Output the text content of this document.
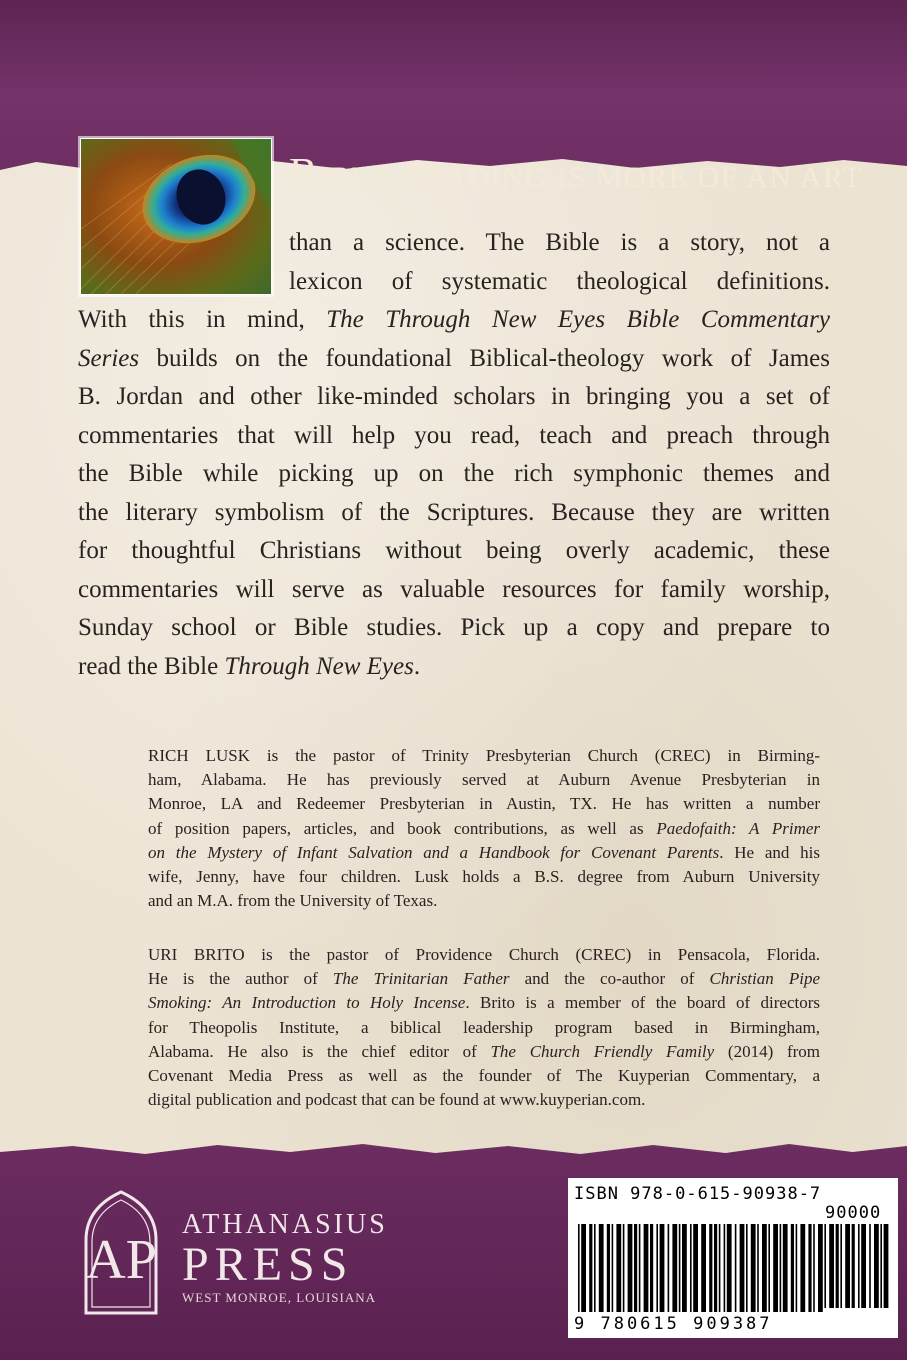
BIBLE-READING IS MORE OF AN ART
than a science. The Bible is a story, not a
lexicon of systematic theological definitions.
With this in mind, The Through New Eyes Bible Commentary
Series builds on the foundational Biblical-theology work of James
B. Jordan and other like-minded scholars in bringing you a set of
commentaries that will help you read, teach and preach through
the Bible while picking up on the rich symphonic themes and
the literary symbolism of the Scriptures. Because they are written
for thoughtful Christians without being overly academic, these
commentaries will serve as valuable resources for family worship,
Sunday school or Bible studies. Pick up a copy and prepare to
read the Bible Through New Eyes.
RICH LUSK is the pastor of Trinity Presbyterian Church (CREC) in Birming-
ham, Alabama. He has previously served at Auburn Avenue Presbyterian in
Monroe, LA and Redeemer Presbyterian in Austin, TX. He has written a number
of position papers, articles, and book contributions, as well as Paedofaith: A Primer
on the Mystery of Infant Salvation and a Handbook for Covenant Parents. He and his
wife, Jenny, have four children. Lusk holds a B.S. degree from Auburn University
and an M.A. from the University of Texas.
URI BRITO is the pastor of Providence Church (CREC) in Pensacola, Florida.
He is the author of The Trinitarian Father and the co-author of Christian Pipe
Smoking: An Introduction to Holy Incense. Brito is a member of the board of directors
for Theopolis Institute, a biblical leadership program based in Birmingham,
Alabama. He also is the chief editor of The Church Friendly Family (2014) from
Covenant Media Press as well as the founder of The Kuyperian Commentary, a
digital publication and podcast that can be found at www.kuyperian.com.
AP
ATHANASIUS
PRESS
WEST MONROE, LOUISIANA
ISBN 978-0-615-90938-7
90000
9 780615 909387
